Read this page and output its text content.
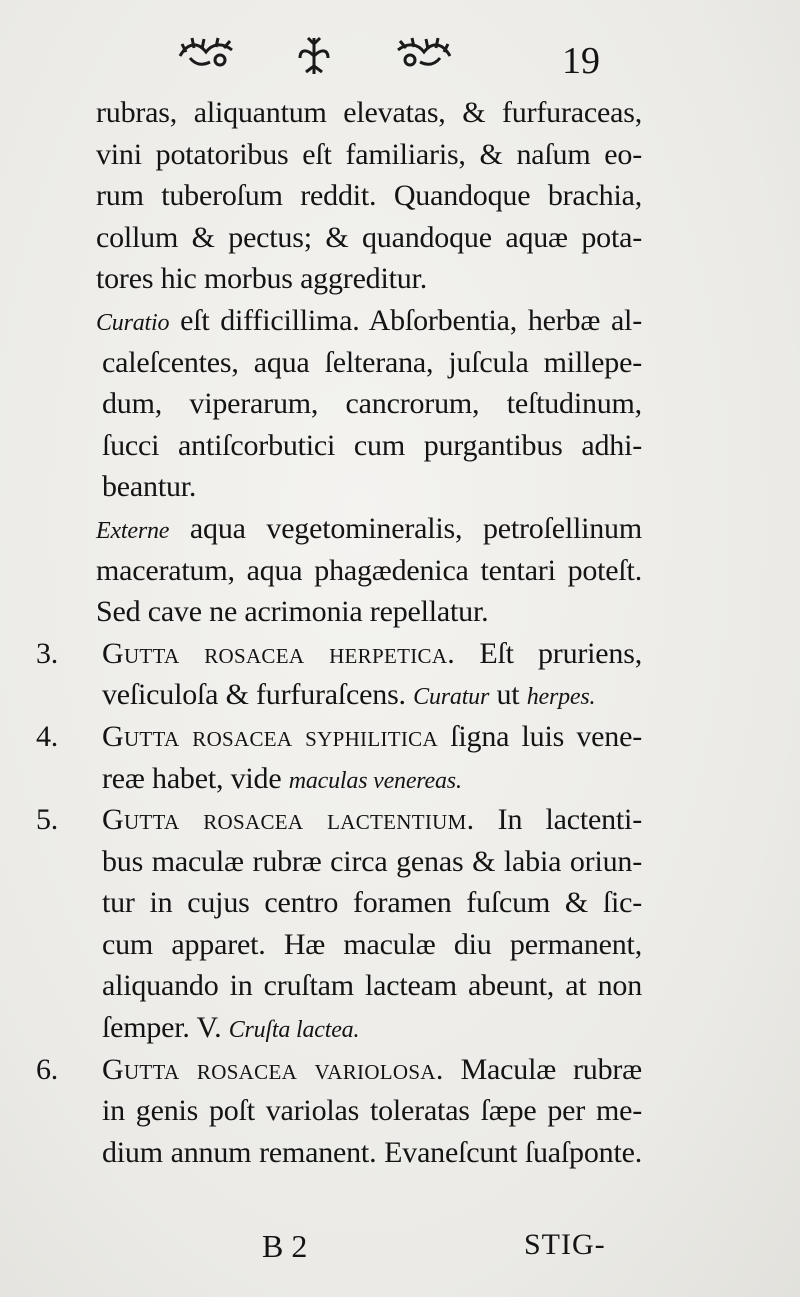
19
rubras, aliquantum elevatas, & furfuraceas,
vini potatoribus eſt familiaris, & naſum eo-
rum tuberoſum reddit. Quandoque brachia,
collum & pectus; & quandoque aquæ pota-
tores hic morbus aggreditur.
Curatio eſt difficillima. Abſorbentia, herbæ al-
caleſcentes, aqua ſelterana, juſcula millepe-
dum, viperarum, cancrorum, teſtudinum,
ſucci antiſcorbutici cum purgantibus adhi-
beantur.
Externe aqua vegetomineralis, petroſellinum
maceratum, aqua phagædenica tentari poteſt.
Sed cave ne acrimonia repellatur.
3.	Gutta rosacea herpetica. Eſt pruriens,
veſiculoſa & furfuraſcens. Curatur ut herpes.
4.	Gutta rosacea syphilitica ſigna luis vene-
reæ habet, vide maculas venereas.
5.	Gutta rosacea lactentium. In lactenti-
bus maculæ rubræ circa genas & labia oriun-
tur in cujus centro foramen fuſcum & ſic-
cum apparet. Hæ maculæ diu permanent,
aliquando in cruſtam lacteam abeunt, at non
ſemper. V. Cruſta lactea.
6.	Gutta rosacea variolosa. Maculæ rubræ
in genis poſt variolas toleratas ſæpe per me-
dium annum remanent. Evaneſcunt ſuaſponte.
B 2	STIG-
